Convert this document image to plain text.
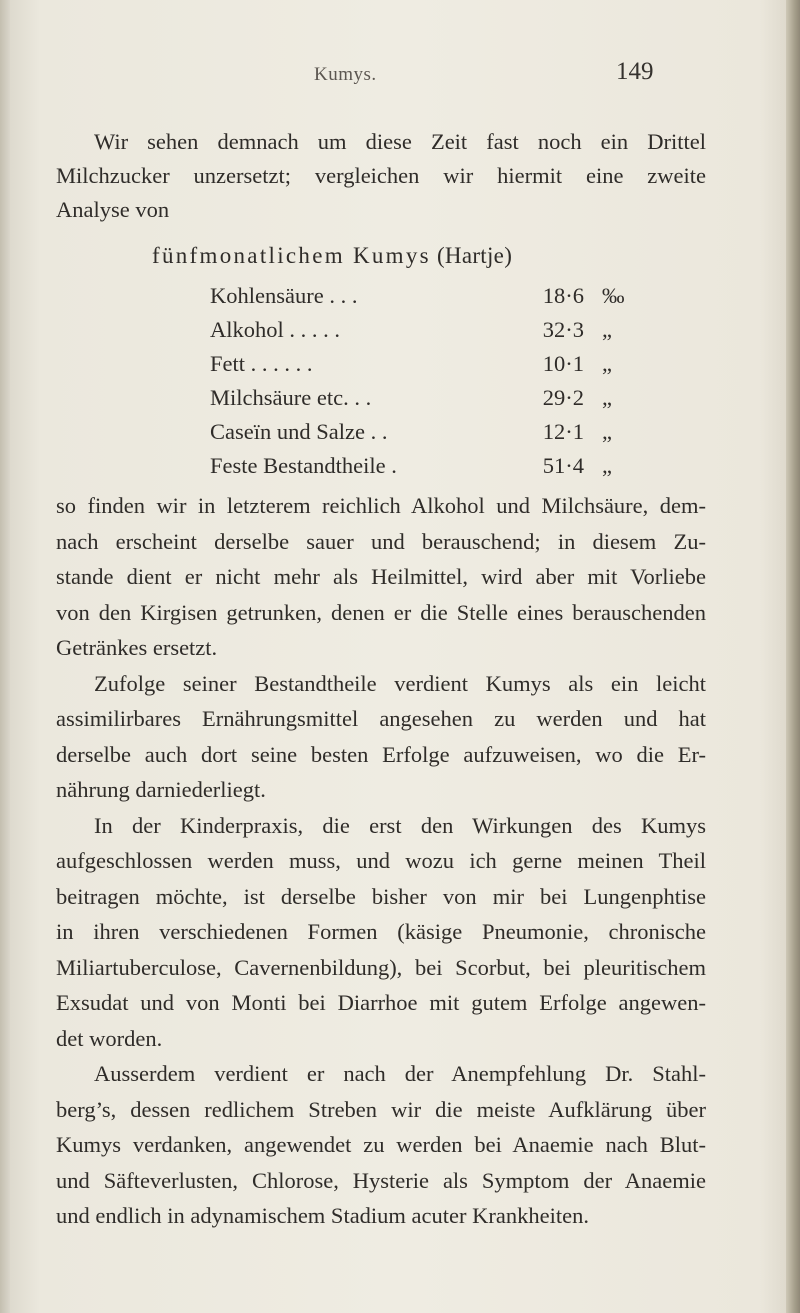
Kumys.	149
Wir sehen demnach um diese Zeit fast noch ein Drittel
Milchzucker unzersetzt; vergleichen wir hiermit eine zweite
Analyse von
fünfmonatlichem Kumys (Hartje)
Kohlensäure . . .	18·6 ‰
Alkohol . . . . .	32·3 „
Fett . . . . . .	10·1 „
Milchsäure etc. . .	29·2 „
Caseïn und Salze . .	12·1 „
Feste Bestandtheile .	51·4 „
so finden wir in letzterem reichlich Alkohol und Milchsäure, dem-
nach erscheint derselbe sauer und berauschend; in diesem Zu-
stande dient er nicht mehr als Heilmittel, wird aber mit Vorliebe
von den Kirgisen getrunken, denen er die Stelle eines berauschenden
Getränkes ersetzt.
Zufolge seiner Bestandtheile verdient Kumys als ein leicht
assimilirbares Ernährungsmittel angesehen zu werden und hat
derselbe auch dort seine besten Erfolge aufzuweisen, wo die Er-
nährung darniederliegt.
In der Kinderpraxis, die erst den Wirkungen des Kumys
aufgeschlossen werden muss, und wozu ich gerne meinen Theil
beitragen möchte, ist derselbe bisher von mir bei Lungenphtise
in ihren verschiedenen Formen (käsige Pneumonie, chronische
Miliartuberculose, Cavernenbildung), bei Scorbut, bei pleuritischem
Exsudat und von Monti bei Diarrhoe mit gutem Erfolge angewen-
det worden.
Ausserdem verdient er nach der Anempfehlung Dr. Stahl-
berg’s, dessen redlichem Streben wir die meiste Aufklärung über
Kumys verdanken, angewendet zu werden bei Anaemie nach Blut-
und Säfteverlusten, Chlorose, Hysterie als Symptom der Anaemie
und endlich in adynamischem Stadium acuter Krankheiten.
